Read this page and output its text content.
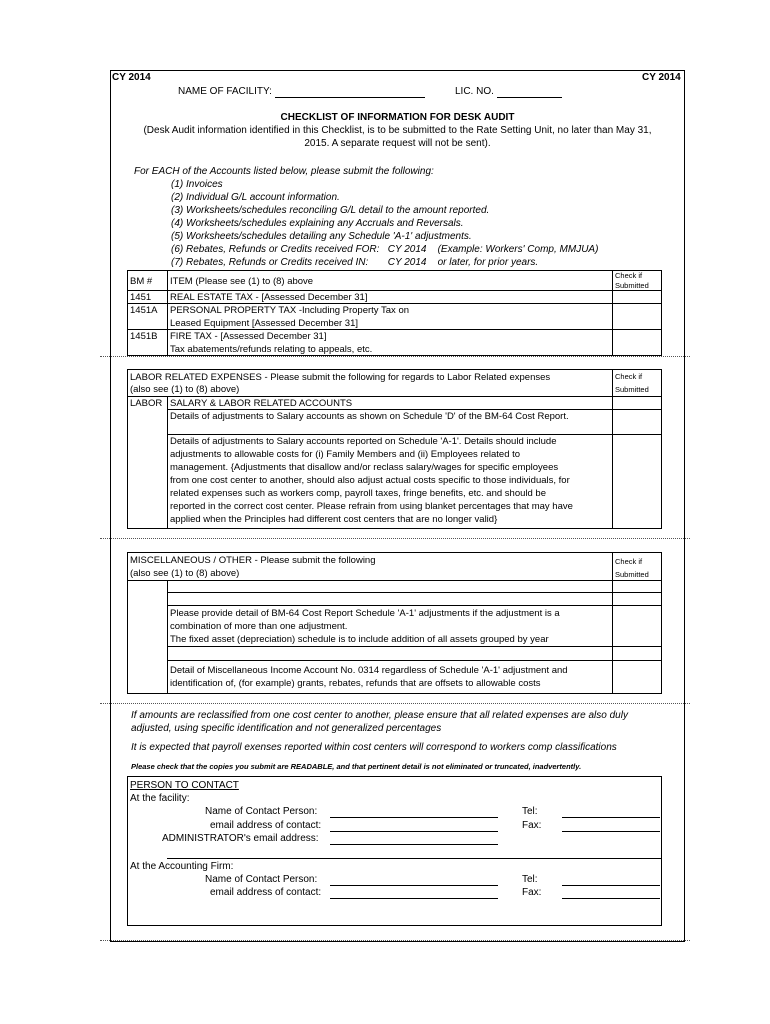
CY 2014	CY 2014
NAME OF FACILITY:	LIC. NO.
CHECKLIST OF INFORMATION FOR DESK AUDIT
(Desk Audit information identified in this Checklist, is to be submitted to the Rate Setting Unit, no later than May 31,
2015. A separate request will not be sent).
For EACH of the Accounts listed below, please submit the following:
(1) Invoices
(2) Individual G/L account information.
(3) Worksheets/schedules reconciling G/L detail to the amount reported.
(4) Worksheets/schedules explaining any Accruals and Reversals.
(5) Worksheets/schedules detailing any Schedule 'A-1' adjustments.
(6) Rebates, Refunds or Credits received FOR:   CY 2014    (Example: Workers' Comp, MMJUA)
(7) Rebates, Refunds or Credits received IN:       CY 2014    or later, for prior years.
BM # ITEM (Please see (1) to (8) above
Check if
Submitted
1451 REAL ESTATE TAX - [Assessed December 31]
1451A PERSONAL PROPERTY TAX -Including Property Tax on
Leased Equipment [Assessed December 31]
1451B FIRE TAX - [Assessed December 31]
Tax abatements/refunds relating to appeals, etc.
LABOR RELATED EXPENSES - Please submit the following for regards to Labor Related expenses
(also see (1) to (8) above)
Check if
Submitted
LABOR SALARY & LABOR RELATED ACCOUNTS
Details of adjustments to Salary accounts as shown on Schedule 'D' of the BM-64 Cost Report.
Details of adjustments to Salary accounts reported on Schedule 'A-1'. Details should include
adjustments to allowable costs for (i) Family Members and (ii) Employees related to
management. {Adjustments that disallow and/or reclass salary/wages for specific employees
from one cost center to another, should also adjust actual costs specific to those individuals, for
related expenses such as workers comp, payroll taxes, fringe benefits, etc. and should be
reported in the correct cost center. Please refrain from using blanket percentages that may have
applied when the Principles had different cost centers that are no longer valid}
MISCELLANEOUS / OTHER - Please submit the following
(also see (1) to (8) above)
Check if
Submitted
Please provide detail of BM-64 Cost Report Schedule 'A-1' adjustments if the adjustment is a
combination of more than one adjustment.
The fixed asset (depreciation) schedule is to include addition of all assets grouped by year
Detail of Miscellaneous Income Account No. 0314 regardless of Schedule 'A-1' adjustment and
identification of, (for example) grants, rebates, refunds that are offsets to allowable costs
If amounts are reclassified from one cost center to another, please ensure that all related expenses are also duly
adjusted, using specific identification and not generalized percentages
It is expected that payroll exenses reported within cost centers will correspond to workers comp classifications
Please check that the copies you submit are READABLE, and that pertinent detail is not eliminated or truncated, inadvertently.
PERSON TO CONTACT
At the facility:
Name of Contact Person:	Tel:
email address of contact:	Fax:
ADMINISTRATOR's email address:
At the Accounting Firm:
Name of Contact Person:	Tel:
email address of contact:	Fax:
